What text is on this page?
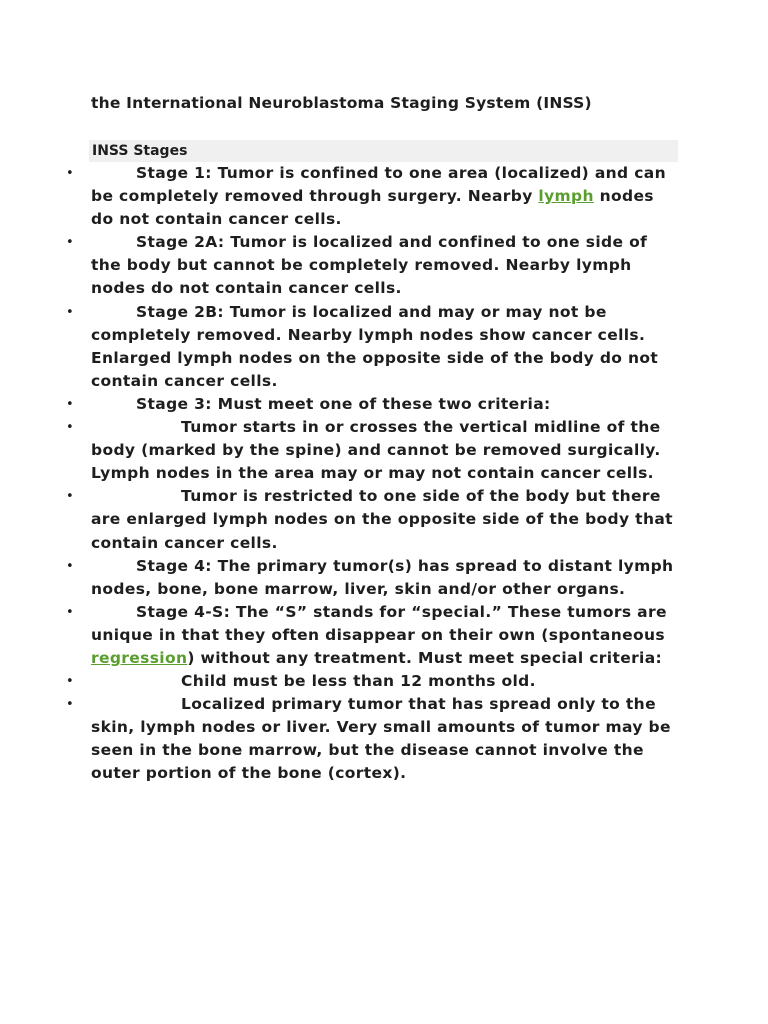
the International Neuroblastoma Staging System (INSS)
INSS Stages
•	Stage 1: Tumor is confined to one area (localized) and can be completely removed through surgery. Nearby lymph nodes do not contain cancer cells.
•	Stage 2A: Tumor is localized and confined to one side of the body but cannot be completely removed. Nearby lymph nodes do not contain cancer cells.
•	Stage 2B: Tumor is localized and may or may not be completely removed. Nearby lymph nodes show cancer cells. Enlarged lymph nodes on the opposite side of the body do not contain cancer cells.
•	Stage 3: Must meet one of these two criteria:
•	Tumor starts in or crosses the vertical midline of the body (marked by the spine) and cannot be removed surgically. Lymph nodes in the area may or may not contain cancer cells.
•	Tumor is restricted to one side of the body but there are enlarged lymph nodes on the opposite side of the body that contain cancer cells.
•	Stage 4: The primary tumor(s) has spread to distant lymph nodes, bone, bone marrow, liver, skin and/or other organs.
•	Stage 4-S: The “S” stands for “special.” These tumors are unique in that they often disappear on their own (spontaneous regression) without any treatment. Must meet special criteria:
•	Child must be less than 12 months old.
•	Localized primary tumor that has spread only to the skin, lymph nodes or liver. Very small amounts of tumor may be seen in the bone marrow, but the disease cannot involve the outer portion of the bone (cortex).
